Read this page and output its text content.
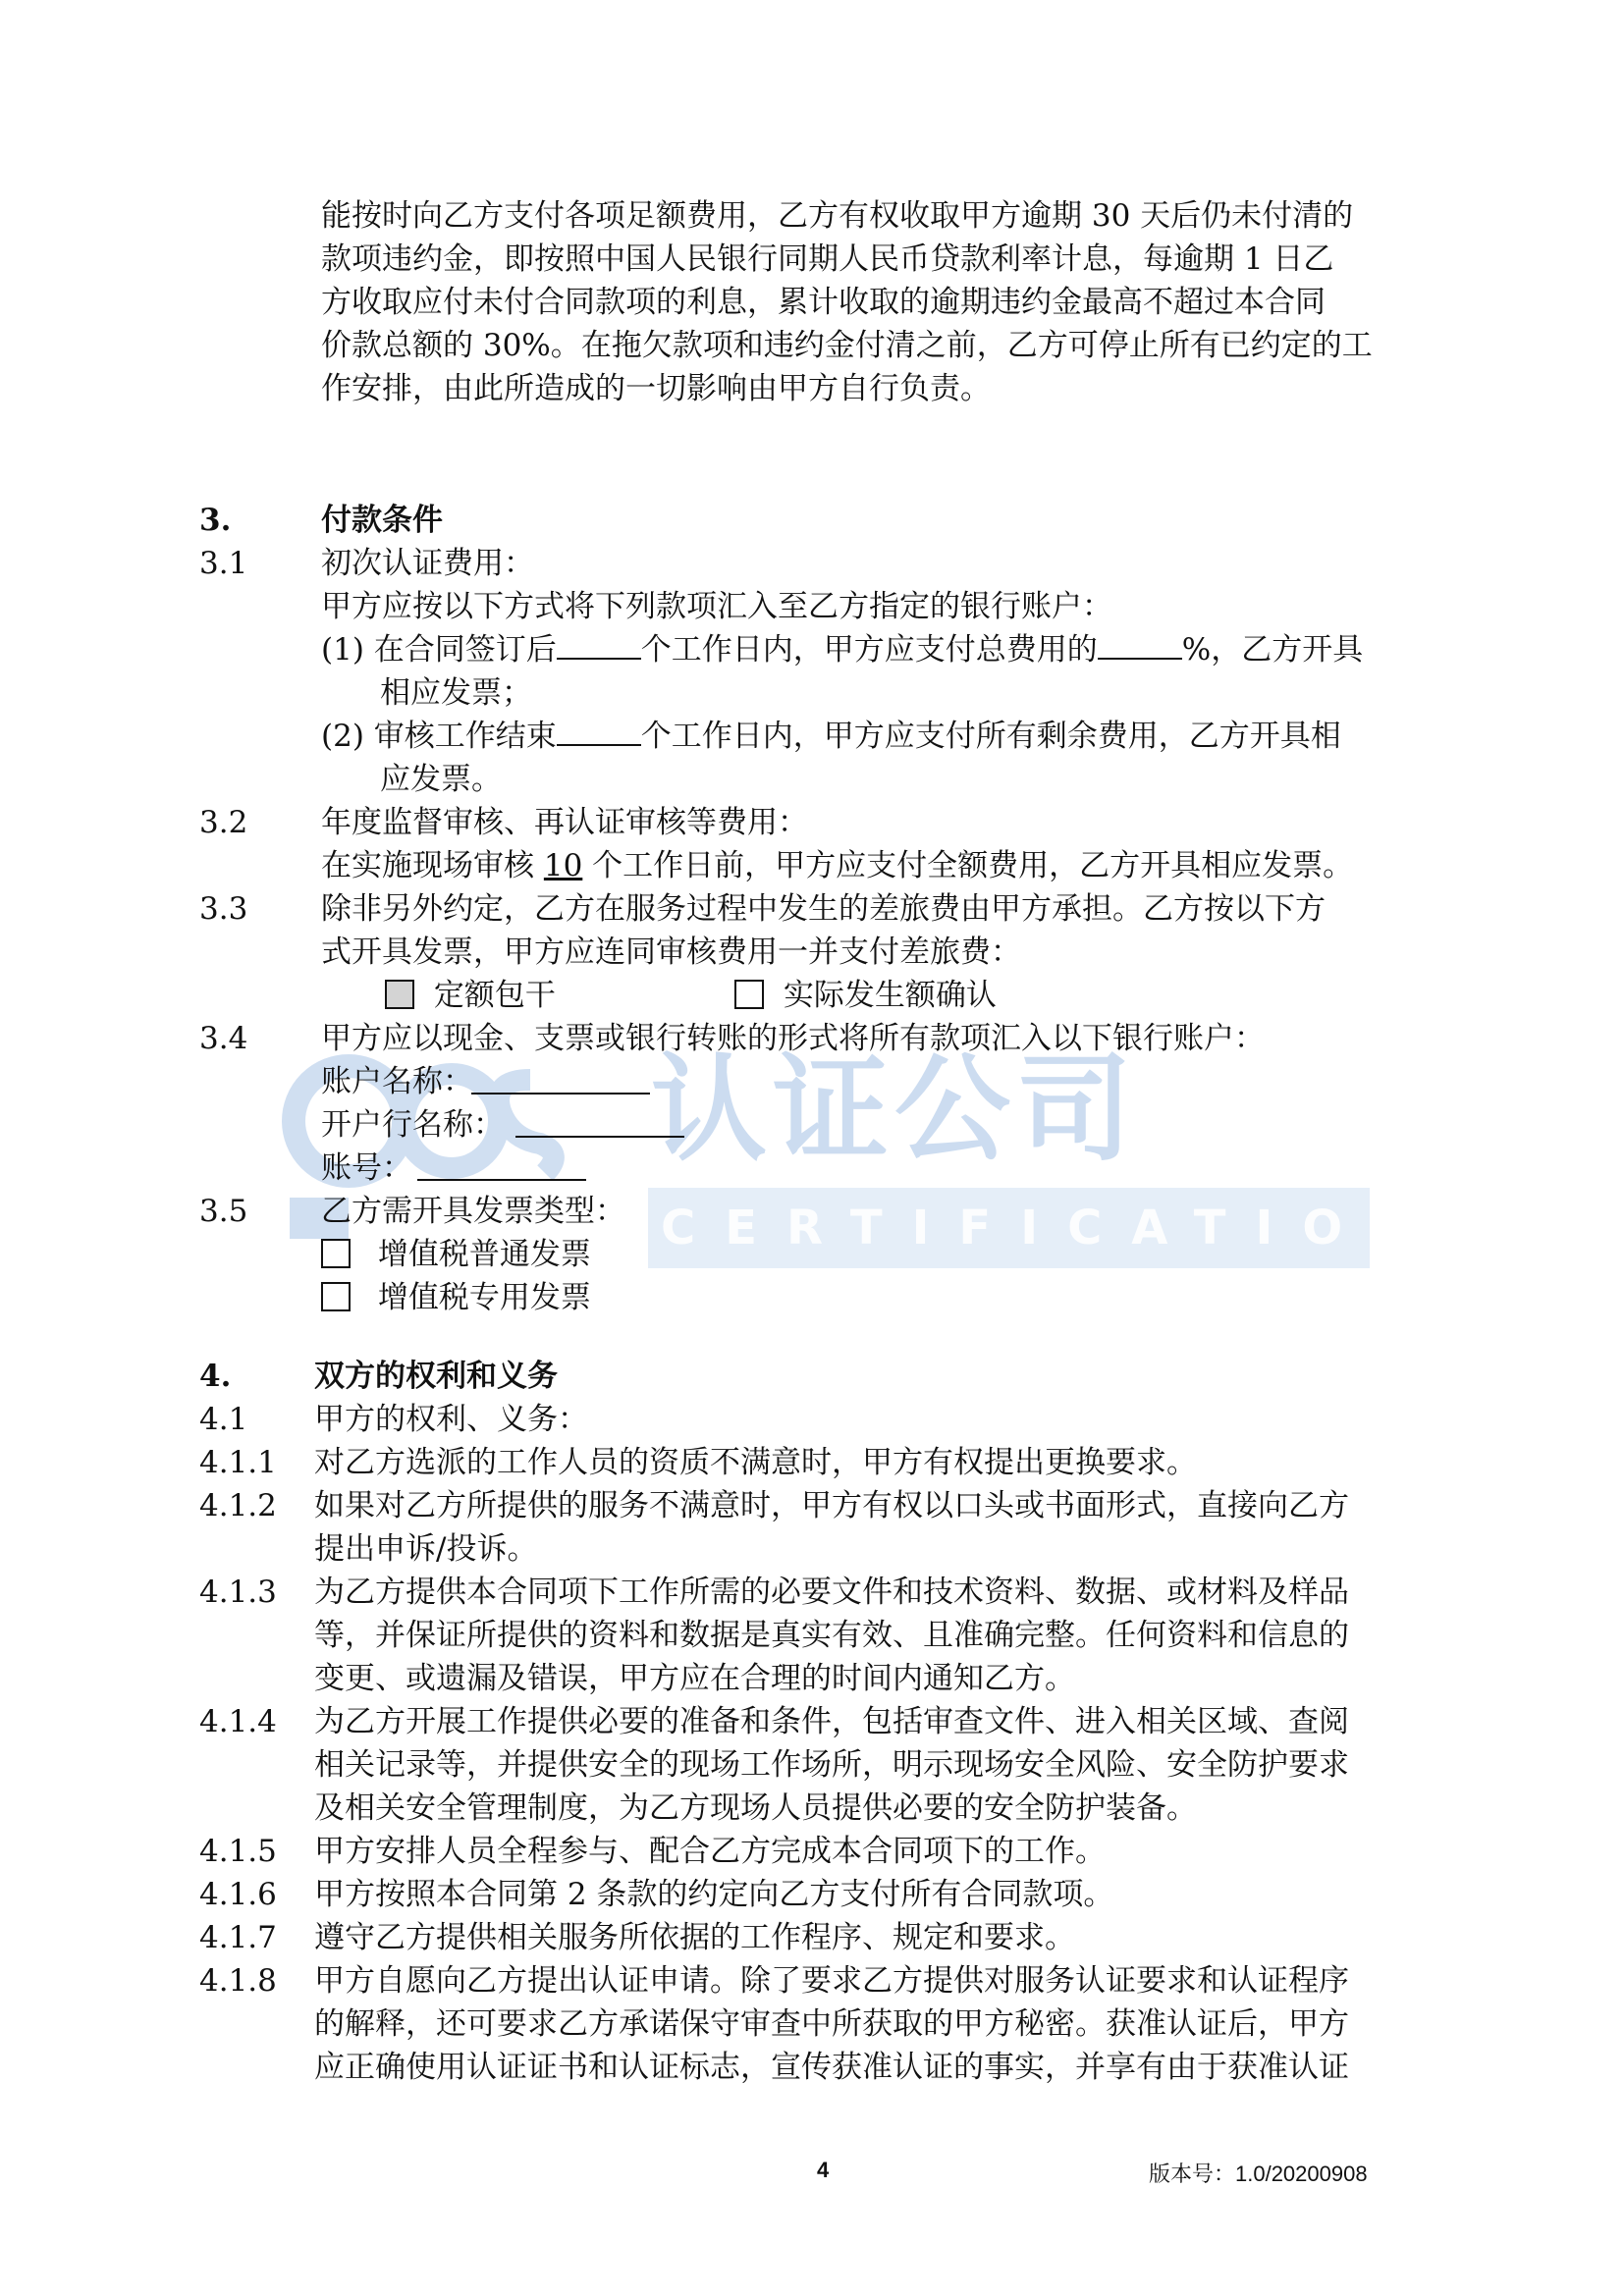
认证公司
CERTIFICATION
能按时向乙方支付各项足额费用，乙方有权收取甲方逾期 30 天后仍未付清的
款项违约金，即按照中国人民银行同期人民币贷款利率计息，每逾期 1 日乙
方收取应付未付合同款项的利息，累计收取的逾期违约金最高不超过本合同
价款总额的 30%。在拖欠款项和违约金付清之前，乙方可停止所有已约定的工
作安排，由此所造成的一切影响由甲方自行负责。
3.	付款条件
3.1 初次认证费用：
甲方应按以下方式将下列款项汇入至乙方指定的银行账户：
(1) 在合同签订后	个工作日内，甲方应支付总费用的	%，乙方开具
相应发票；
(2) 审核工作结束	个工作日内，甲方应支付所有剩余费用，乙方开具相
应发票。
3.2 年度监督审核、再认证审核等费用：
在实施现场审核 10 个工作日前，甲方应支付全额费用，乙方开具相应发票。
3.3 除非另外约定，乙方在服务过程中发生的差旅费由甲方承担。乙方按以下方
式开具发票，甲方应连同审核费用一并支付差旅费：
定额包干	实际发生额确认
3.4 甲方应以现金、支票或银行转账的形式将所有款项汇入以下银行账户：
账户名称：
开户行名称：
账号：
3.5 乙方需开具发票类型：
增值税普通发票
增值税专用发票
4.	双方的权利和义务
4.1 甲方的权利、义务：
4.1.1 对乙方选派的工作人员的资质不满意时，甲方有权提出更换要求。
4.1.2 如果对乙方所提供的服务不满意时，甲方有权以口头或书面形式，直接向乙方
提出申诉/投诉。
4.1.3 为乙方提供本合同项下工作所需的必要文件和技术资料、数据、或材料及样品
等，并保证所提供的资料和数据是真实有效、且准确完整。任何资料和信息的
变更、或遗漏及错误，甲方应在合理的时间内通知乙方。
4.1.4 为乙方开展工作提供必要的准备和条件，包括审查文件、进入相关区域、查阅
相关记录等，并提供安全的现场工作场所，明示现场安全风险、安全防护要求
及相关安全管理制度，为乙方现场人员提供必要的安全防护装备。
4.1.5 甲方安排人员全程参与、配合乙方完成本合同项下的工作。
4.1.6 甲方按照本合同第 2 条款的约定向乙方支付所有合同款项。
4.1.7 遵守乙方提供相关服务所依据的工作程序、规定和要求。
4.1.8 甲方自愿向乙方提出认证申请。除了要求乙方提供对服务认证要求和认证程序
的解释，还可要求乙方承诺保守审查中所获取的甲方秘密。获准认证后，甲方
应正确使用认证证书和认证标志，宣传获准认证的事实，并享有由于获准认证
4	版本号：1.0/20200908
